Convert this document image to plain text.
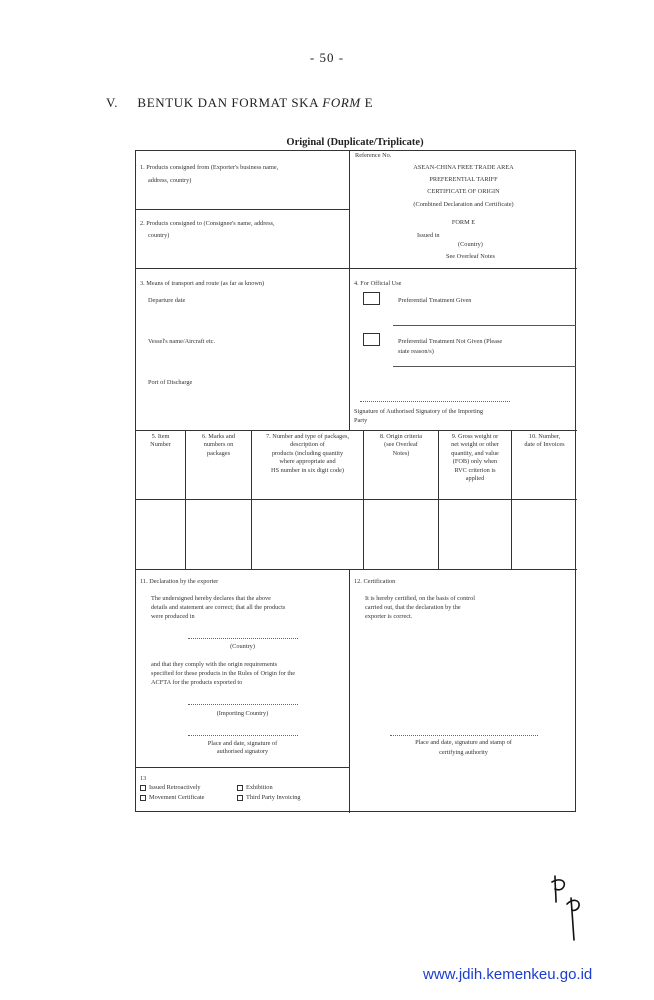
- 50 -
V. BENTUK DAN FORMAT SKA FORM E
Original (Duplicate/Triplicate)
1. Products consigned from (Exporter's business name,
address, country)
2. Products consigned to (Consignee's name, address,
country)
Reference No.
ASEAN-CHINA FREE TRADE AREA
PREFERENTIAL TARIFF
CERTIFICATE OF ORIGIN
(Combined Declaration and Certificate)
FORM E
Issued in
(Country)
See Overleaf Notes
3. Means of transport and route (as far as known)
Departure date
Vessel's name/Aircraft etc.
Port of Discharge
4. For Official Use
Preferential Treatment Given
Preferential Treatment Not Given (Please
state reason/s)
Signature of Authorised Signatory of the Importing
Party
5. Item
Number
6. Marks and
numbers on
packages
7. Number and type of packages,
description of
products (including quantity
where appropriate and
HS number in six digit code)
8. Origin criteria
(see Overleaf
Notes)
9. Gross weight or
net weight or other
quantity, and value
(FOB) only when
RVC criterion is
applied
10. Number,
date of Invoices
11. Declaration by the exporter
The undersigned hereby declares that the above
details and statement are correct; that all the products
were produced in
(Country)
and that they comply with the origin requirements
specified for these products in the Rules of Origin for the
ACFTA for the products exported to
(Importing Country)
Place and date, signature of
authorised signatory
12. Certification
It is hereby certified, on the basis of control
carried out, that the declaration by the
exporter is correct.
Place and date, signature and stamp of
certifying authority
13
Issued Retroactively	Exhibition
Movement Certificate	Third Party Invoicing
www.jdih.kemenkeu.go.id
